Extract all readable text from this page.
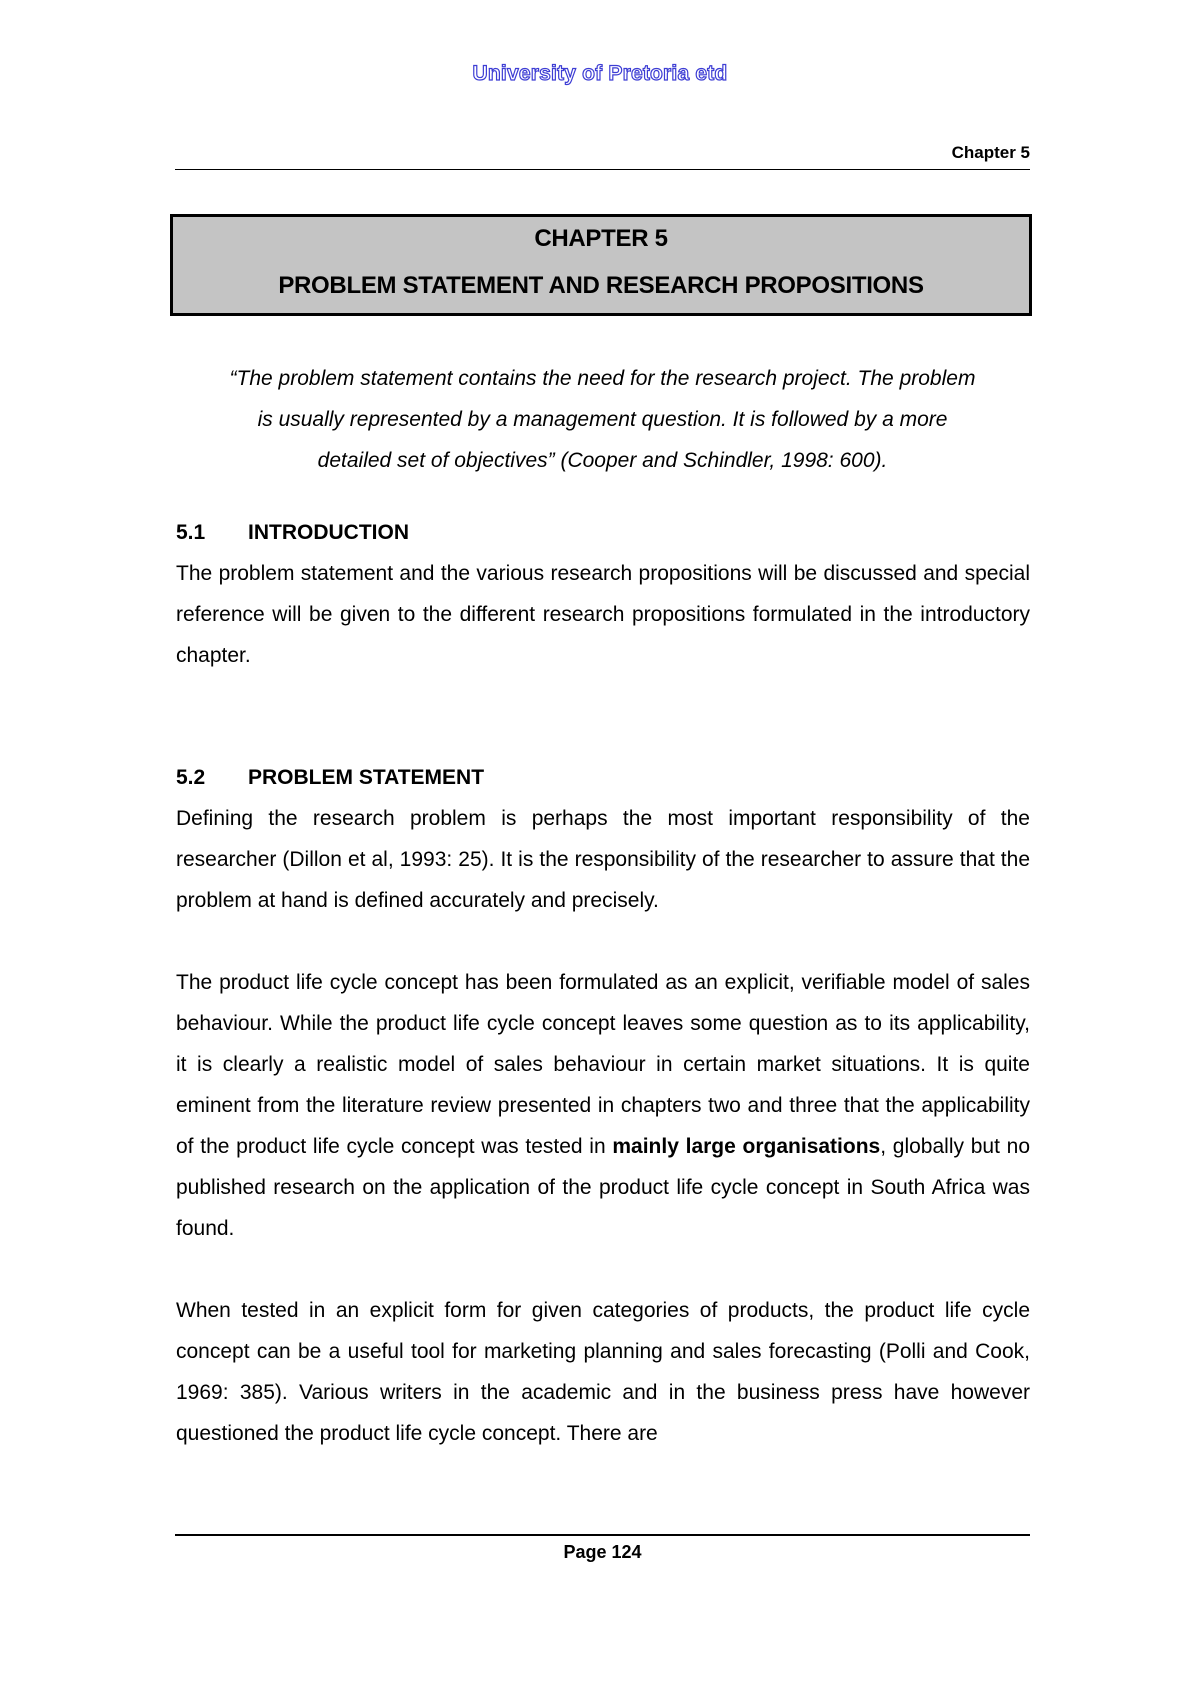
University of Pretoria etd
Chapter 5
CHAPTER 5
PROBLEM STATEMENT AND RESEARCH PROPOSITIONS

“The problem statement contains the need for the research project. The problem

is usually represented by a management question. It is followed by a more

detailed set of objectives” (Cooper and Schindler, 1998: 600).

5.1 INTRODUCTION

The problem statement and the various research propositions will be discussed and special reference will be given to the different research propositions formulated in the introductory chapter.

5.2 PROBLEM STATEMENT

Defining the research problem is perhaps the most important responsibility of the researcher (Dillon et al, 1993: 25). It is the responsibility of the researcher to assure that the problem at hand is defined accurately and precisely.

The product life cycle concept has been formulated as an explicit, verifiable model of sales behaviour. While the product life cycle concept leaves some question as to its applicability, it is clearly a realistic model of sales behaviour in certain market situations. It is quite eminent from the literature review presented in chapters two and three that the applicability of the product life cycle concept was tested in mainly large organisations, globally but no published research on the application of the product life cycle concept in South Africa was found.

When tested in an explicit form for given categories of products, the product life cycle concept can be a useful tool for marketing planning and sales forecasting (Polli and Cook, 1969: 385). Various writers in the academic and in the business press have however questioned the product life cycle concept. There are

Page 124
